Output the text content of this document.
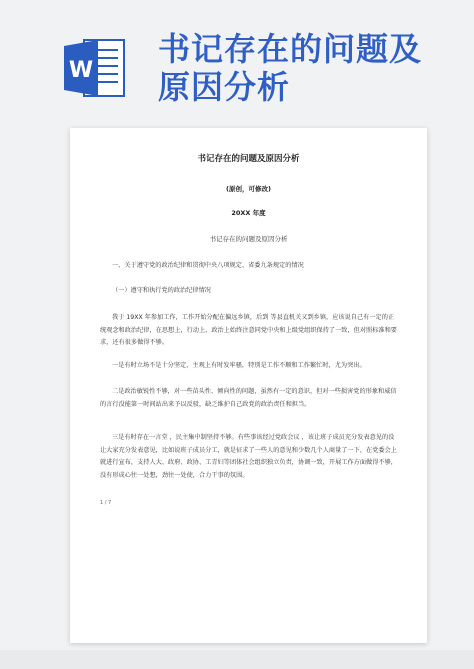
W
书记存在的问题及
原因分析
书记存在的问题及原因分析
(原创，可修改)
20XX 年度
书记存在的问题及原因分析
一、关于遵守党的政治纪律和贯彻中央八项规定、省委九条规定的情况
（一）遵守和执行党的政治纪律情况
我于 19XX 年参加工作，工作开始分配在偏远乡镇，后到 等县直机关又到乡镇，应该说自己有一定的正统观念和政治纪律，在思想上，行动上，政治上始终注意同党中央和上级党组织保持了一致，但对照标准和要求，还有很多做得不够。
一是有时立场不是十分坚定，主观上有时发牢骚，特别是工作不顺和工作繁忙时，尤为突出。
二是政治敏锐性不够，对一些苗头性、倾向性的问题，虽然有一定的意识，但对一些损害党的形象和威信的言行没能第一时间站出来予以反驳，缺乏维护自己政党的政治责任和担当。
三是有时存在一言堂 ，民主集中制坚持不够。有些事该经过党政会议 ，该让班子成员充分发表意见的没让大家充分发表意见，比如说班子成员分工，就是征求了一些人的意见和少数几个人商量了一下，在党委会上就进行宣布，支持人大、政府、政协、工青妇等团体社会组织独立负责，协调一致，开展工作方面做得不够，没有形成心往一处想，劲往一处使，合力干事的氛围。
1 / 7
